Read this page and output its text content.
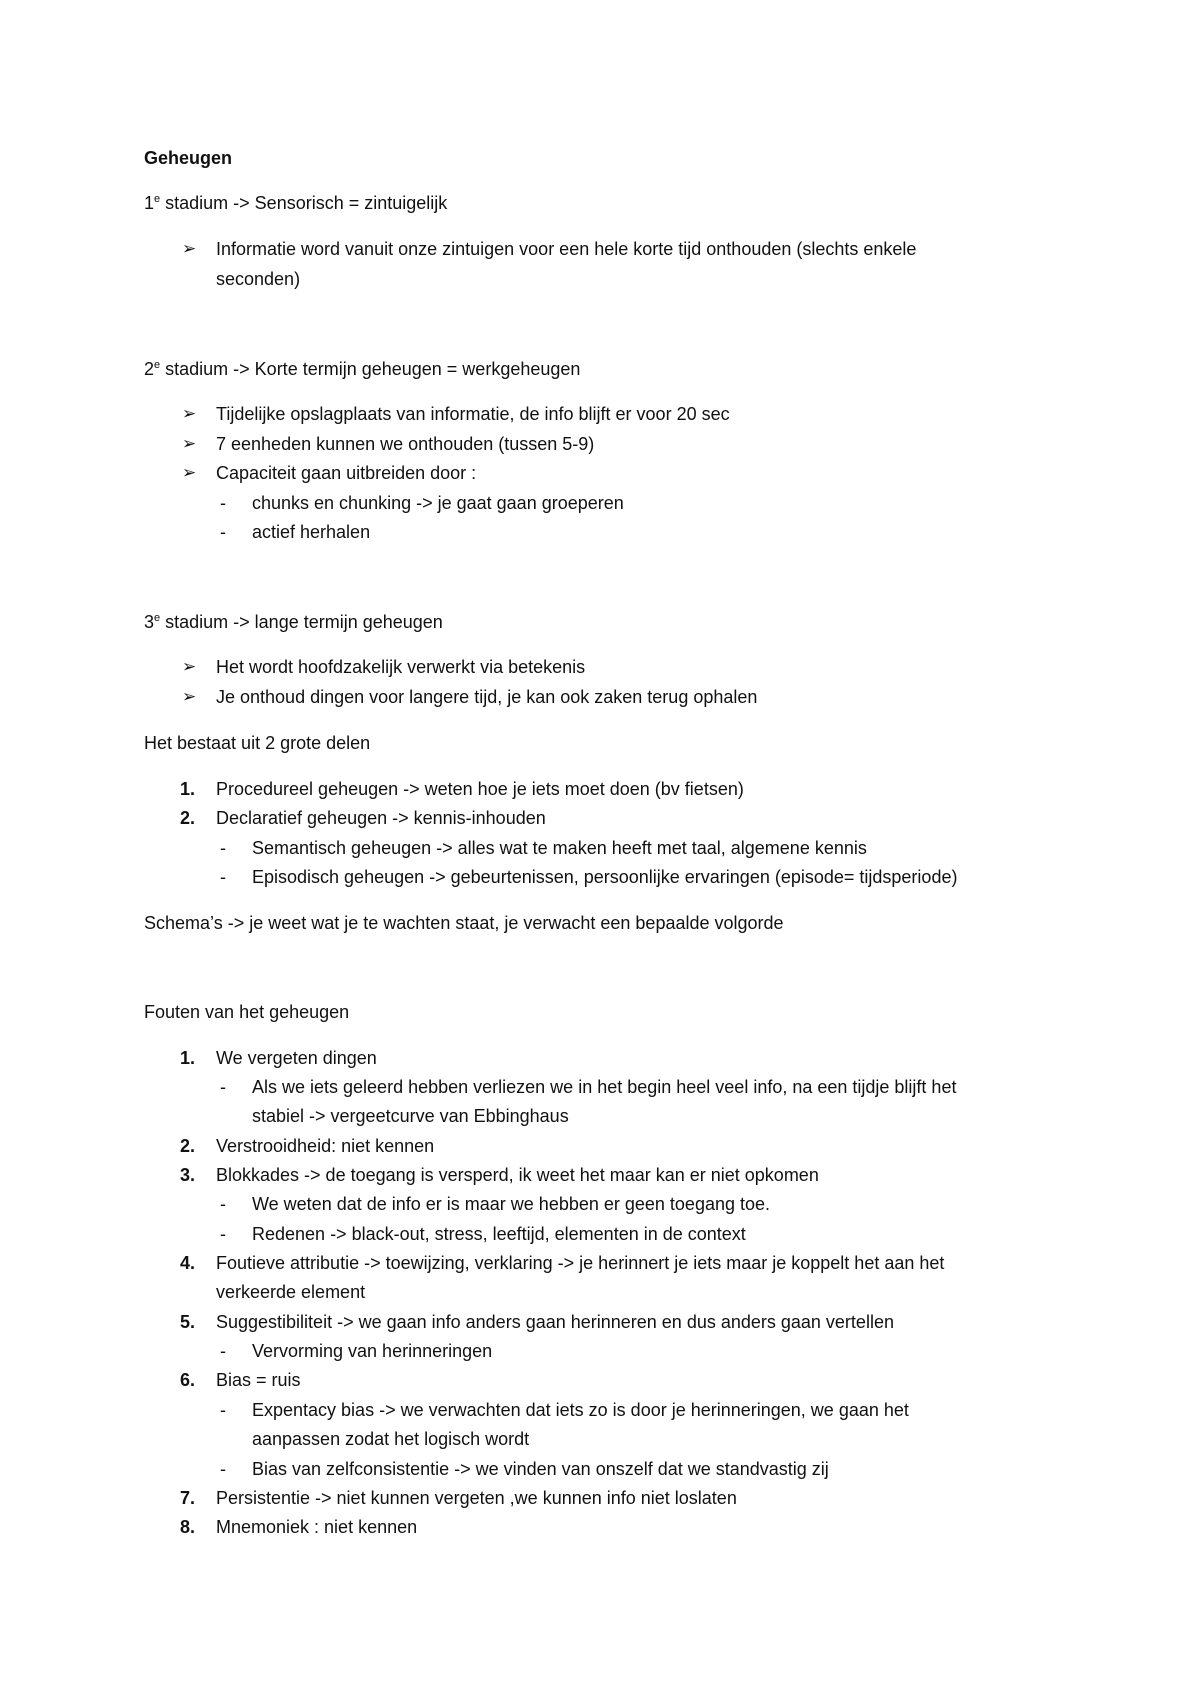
Geheugen
1e stadium -> Sensorisch = zintuigelijk
➢ Informatie word vanuit onze zintuigen voor een hele korte tijd onthouden (slechts enkele
seconden)
2e stadium -> Korte termijn geheugen = werkgeheugen
➢ Tijdelijke opslagplaats van informatie, de info blijft er voor 20 sec
➢ 7 eenheden kunnen we onthouden (tussen 5-9)
➢ Capaciteit gaan uitbreiden door :
- chunks en chunking -> je gaat gaan groeperen
- actief herhalen
3e stadium -> lange termijn geheugen
➢ Het wordt hoofdzakelijk verwerkt via betekenis
➢ Je onthoud dingen voor langere tijd, je kan ook zaken terug ophalen
Het bestaat uit 2 grote delen
1. Procedureel geheugen -> weten hoe je iets moet doen (bv fietsen)
2. Declaratief geheugen -> kennis-inhouden
- Semantisch geheugen -> alles wat te maken heeft met taal, algemene kennis
- Episodisch geheugen -> gebeurtenissen, persoonlijke ervaringen (episode= tijdsperiode)
Schema’s -> je weet wat je te wachten staat, je verwacht een bepaalde volgorde
Fouten van het geheugen
1. We vergeten dingen
- Als we iets geleerd hebben verliezen we in het begin heel veel info, na een tijdje blijft het
stabiel -> vergeetcurve van Ebbinghaus
2. Verstrooidheid: niet kennen
3. Blokkades -> de toegang is versperd, ik weet het maar kan er niet opkomen
- We weten dat de info er is maar we hebben er geen toegang toe.
- Redenen -> black-out, stress, leeftijd, elementen in de context
4. Foutieve attributie -> toewijzing, verklaring -> je herinnert je iets maar je koppelt het aan het
verkeerde element
5. Suggestibiliteit -> we gaan info anders gaan herinneren en dus anders gaan vertellen
- Vervorming van herinneringen
6. Bias = ruis
- Expentacy bias -> we verwachten dat iets zo is door je herinneringen, we gaan het
aanpassen zodat het logisch wordt
- Bias van zelfconsistentie -> we vinden van onszelf dat we standvastig zij
7. Persistentie -> niet kunnen vergeten ,we kunnen info niet loslaten
8. Mnemoniek : niet kennen
